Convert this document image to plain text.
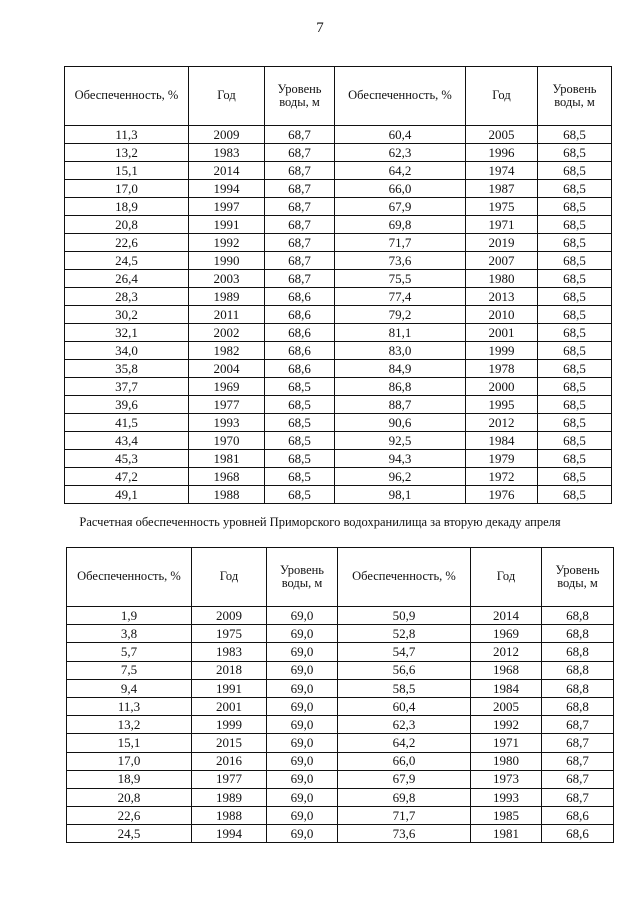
7
Обеспеченность, %	Год	Уровень воды, м	Обеспеченность, %	Год	Уровень воды, м
11,3	2009	68,7	60,4	2005	68,5
13,2	1983	68,7	62,3	1996	68,5
15,1	2014	68,7	64,2	1974	68,5
17,0	1994	68,7	66,0	1987	68,5
18,9	1997	68,7	67,9	1975	68,5
20,8	1991	68,7	69,8	1971	68,5
22,6	1992	68,7	71,7	2019	68,5
24,5	1990	68,7	73,6	2007	68,5
26,4	2003	68,7	75,5	1980	68,5
28,3	1989	68,6	77,4	2013	68,5
30,2	2011	68,6	79,2	2010	68,5
32,1	2002	68,6	81,1	2001	68,5
34,0	1982	68,6	83,0	1999	68,5
35,8	2004	68,6	84,9	1978	68,5
37,7	1969	68,5	86,8	2000	68,5
39,6	1977	68,5	88,7	1995	68,5
41,5	1993	68,5	90,6	2012	68,5
43,4	1970	68,5	92,5	1984	68,5
45,3	1981	68,5	94,3	1979	68,5
47,2	1968	68,5	96,2	1972	68,5
49,1	1988	68,5	98,1	1976	68,5
Расчетная обеспеченность уровней Приморского водохранилища за вторую декаду апреля
Обеспеченность, %	Год	Уровень воды, м	Обеспеченность, %	Год	Уровень воды, м
1,9	2009	69,0	50,9	2014	68,8
3,8	1975	69,0	52,8	1969	68,8
5,7	1983	69,0	54,7	2012	68,8
7,5	2018	69,0	56,6	1968	68,8
9,4	1991	69,0	58,5	1984	68,8
11,3	2001	69,0	60,4	2005	68,8
13,2	1999	69,0	62,3	1992	68,7
15,1	2015	69,0	64,2	1971	68,7
17,0	2016	69,0	66,0	1980	68,7
18,9	1977	69,0	67,9	1973	68,7
20,8	1989	69,0	69,8	1993	68,7
22,6	1988	69,0	71,7	1985	68,6
24,5	1994	69,0	73,6	1981	68,6
